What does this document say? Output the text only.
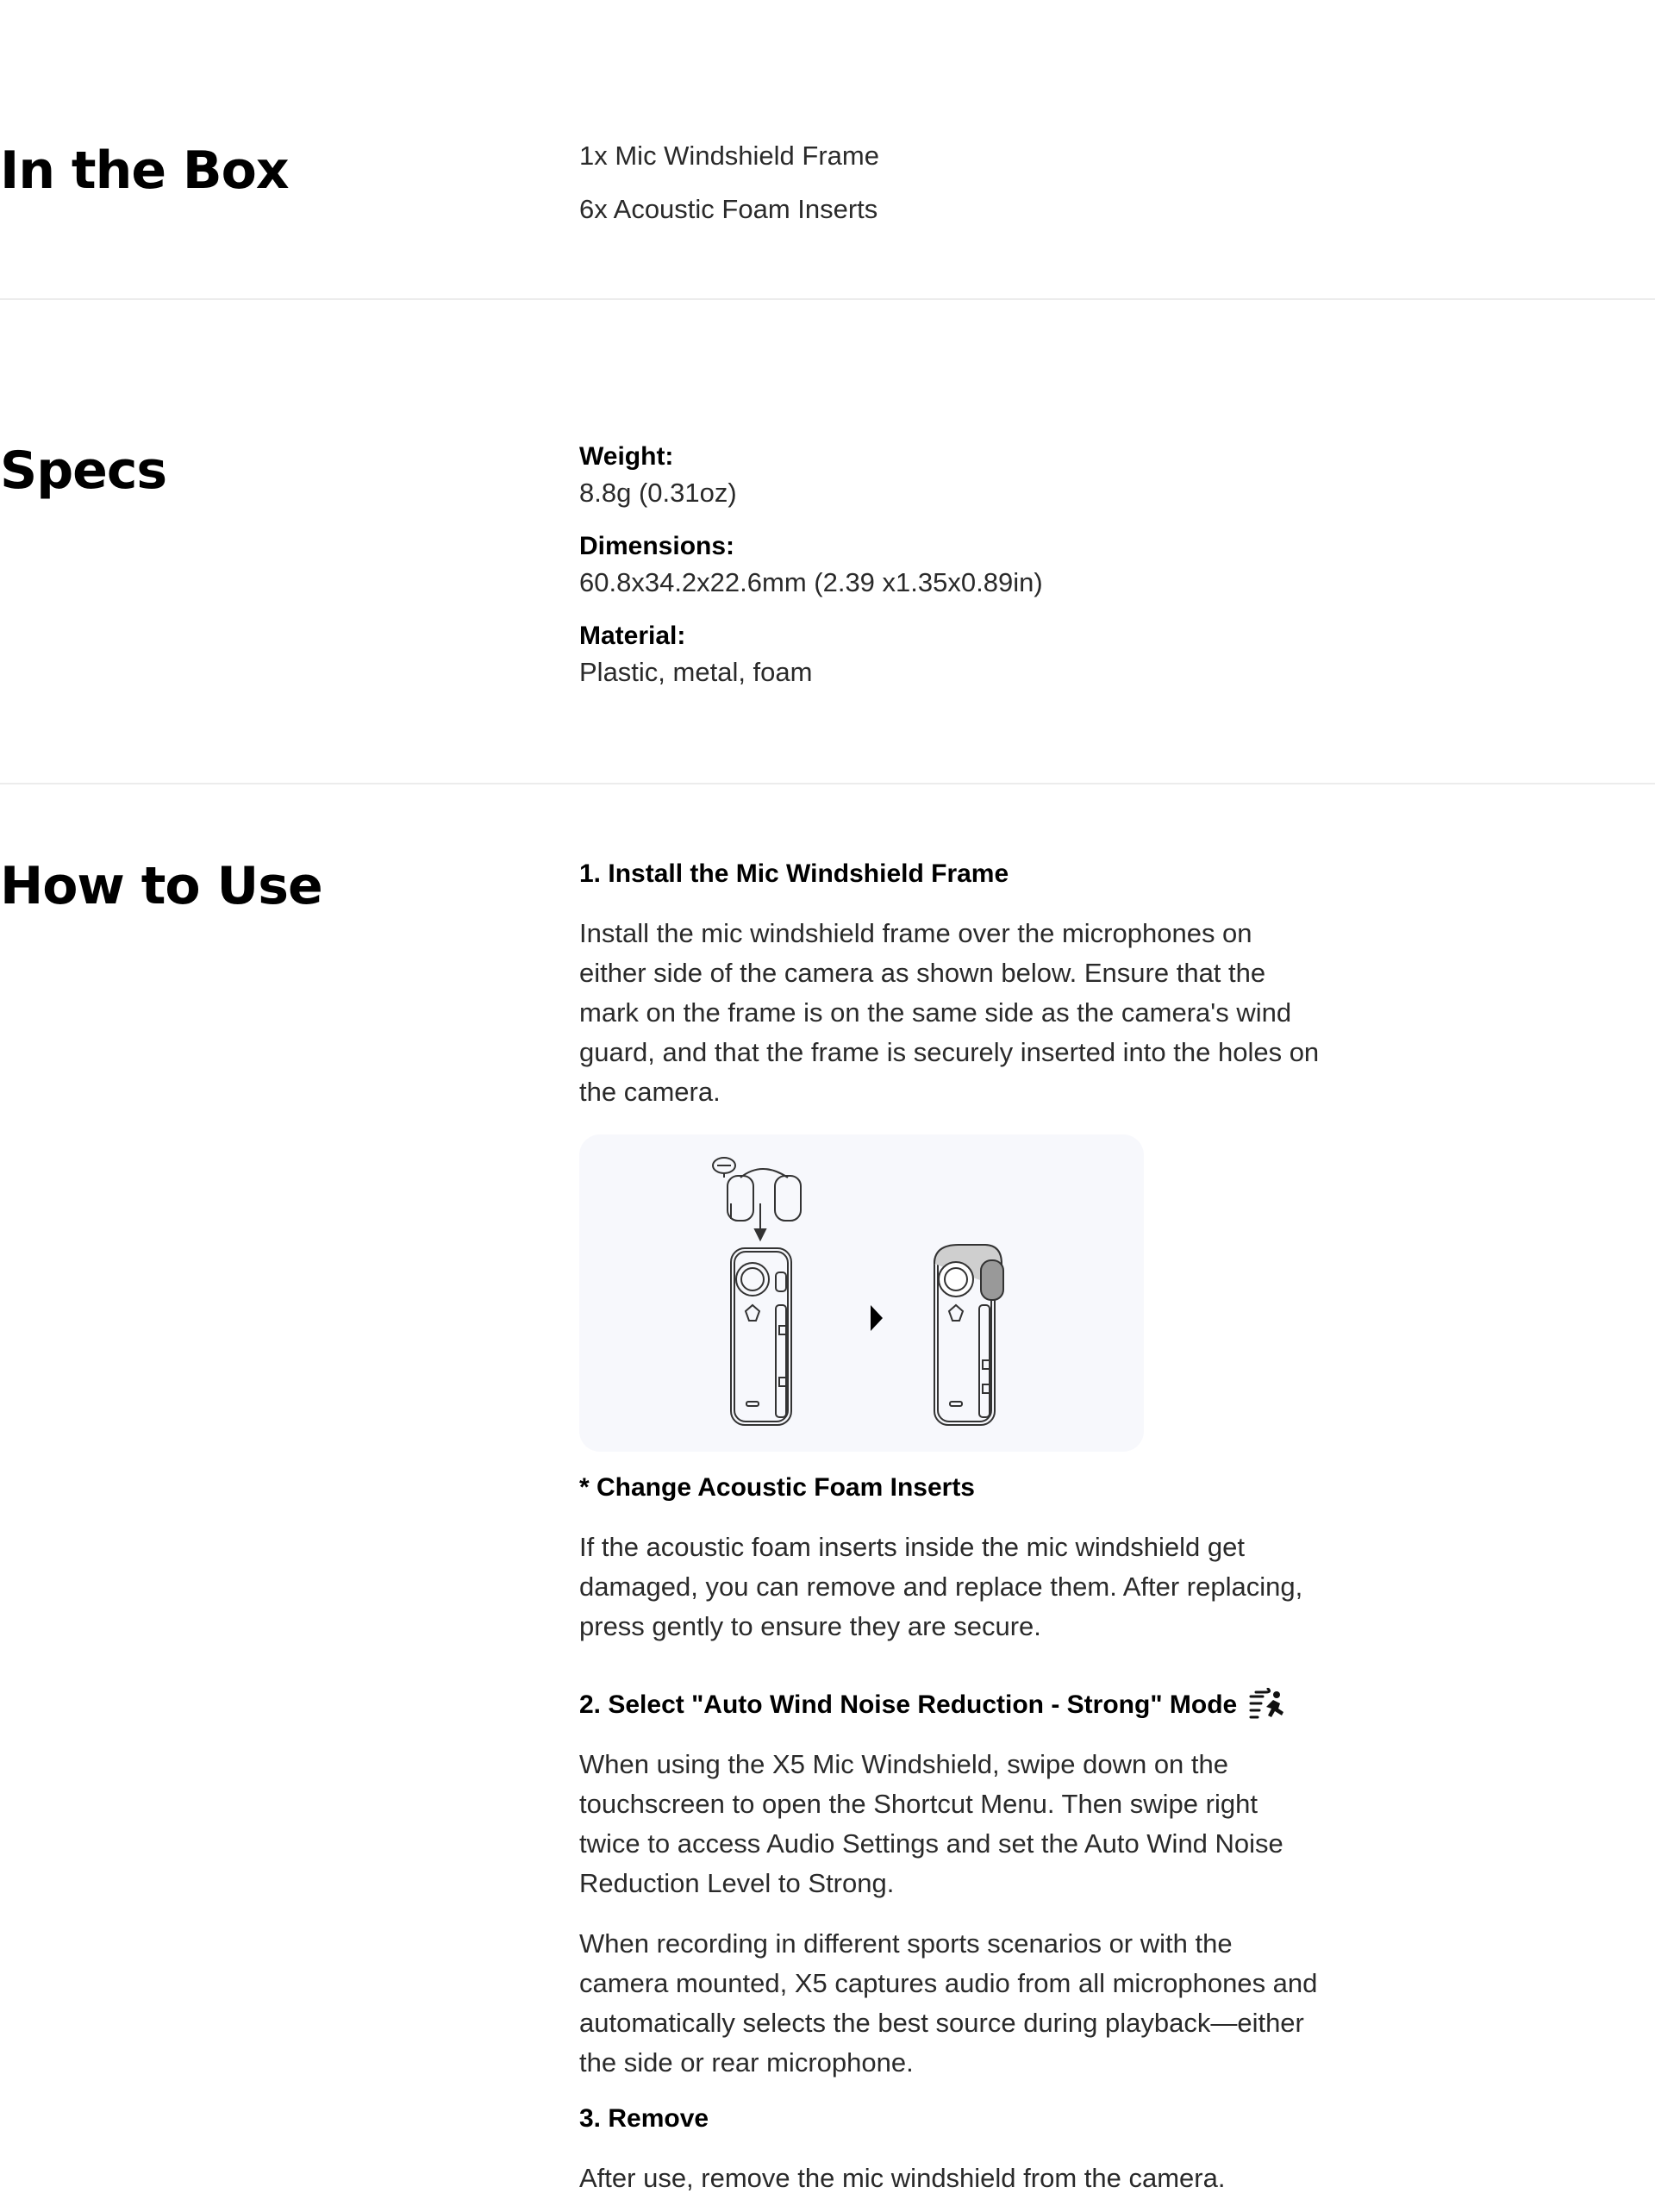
In the Box	1x Mic Windshield Frame

6x Acoustic Foam Inserts

Specs	Weight:

8.8g (0.31oz)

Dimensions:

60.8x34.2x22.6mm (2.39 x1.35x0.89in)

Material:

Plastic, metal, foam

How to Use	1. Install the Mic Windshield Frame

Install the mic windshield frame over the microphones on either side of the camera as shown below. Ensure that the mark on the frame is on the same side as the camera's wind guard, and that the frame is securely inserted into the holes on the camera.

* Change Acoustic Foam Inserts

If the acoustic foam inserts inside the mic windshield get damaged, you can remove and replace them. After replacing, press gently to ensure they are secure.

2. Select "Auto Wind Noise Reduction - Strong" Mode

When using the X5 Mic Windshield, swipe down on the touchscreen to open the Shortcut Menu. Then swipe right twice to access Audio Settings and set the Auto Wind Noise Reduction Level to Strong.

When recording in different sports scenarios or with the camera mounted, X5 captures audio from all microphones and automatically selects the best source during playback—either the side or rear microphone.

3. Remove

After use, remove the mic windshield from the camera.
